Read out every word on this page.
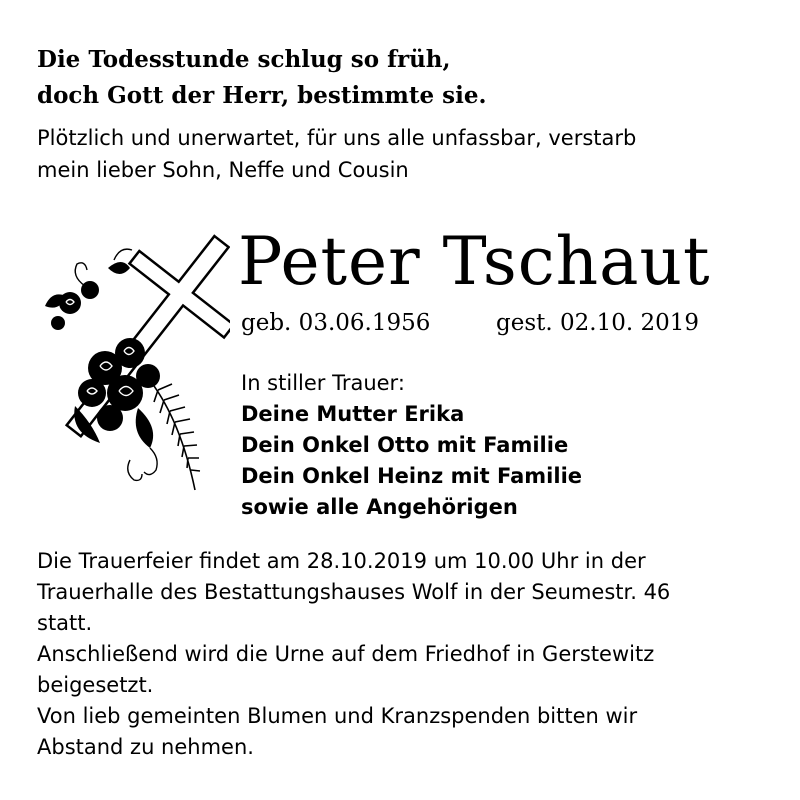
Die Todesstunde schlug so früh,
doch Gott der Herr, bestimmte sie.
Plötzlich und unerwartet, für uns alle unfassbar, verstarb
mein lieber Sohn, Neffe und Cousin
Peter Tschaut
geb. 03.06.1956	gest. 02.10. 2019
In stiller Trauer:
Deine Mutter Erika
Dein Onkel Otto mit Familie
Dein Onkel Heinz mit Familie
sowie alle Angehörigen
Die Trauerfeier findet am 28.10.2019 um 10.00 Uhr in der
Trauerhalle des Bestattungshauses Wolf in der Seumestr. 46
statt.
Anschließend wird die Urne auf dem Friedhof in Gerstewitz
beigesetzt.
Von lieb gemeinten Blumen und Kranzspenden bitten wir
Abstand zu nehmen.
